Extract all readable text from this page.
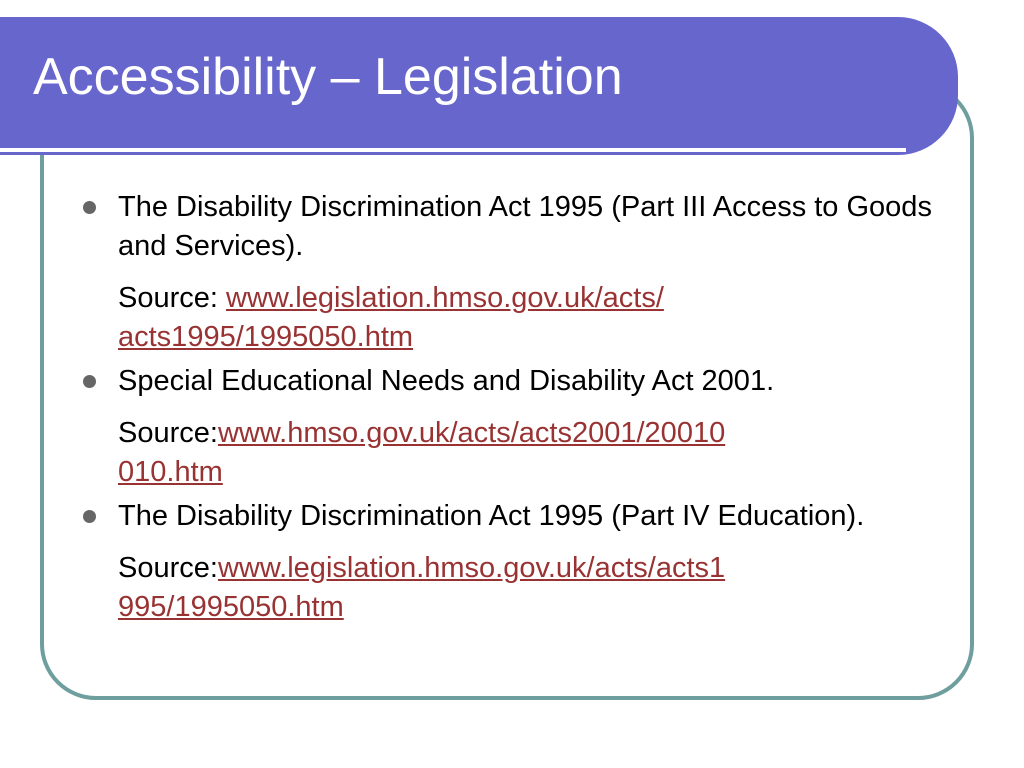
Accessibility – Legislation
The Disability Discrimination Act 1995 (Part III Access to Goods and Services).
Source: www.legislation.hmso.gov.uk/acts/
acts1995/1995050.htm
Special Educational Needs and Disability Act 2001.
Source:www.hmso.gov.uk/acts/acts2001/20010
010.htm
The Disability Discrimination Act 1995 (Part IV Education).
Source:www.legislation.hmso.gov.uk/acts/acts1
995/1995050.htm
